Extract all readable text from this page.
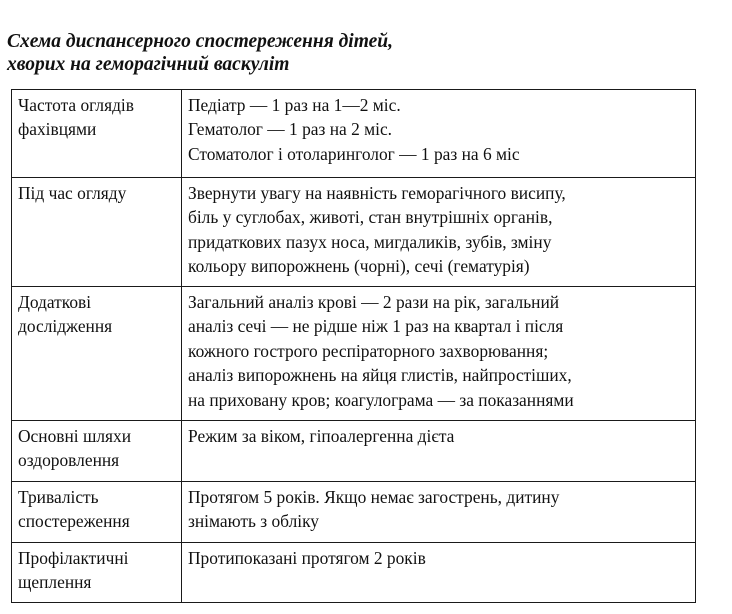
Схема диспансерного спостереження дітей,
хворих на геморагічний васкуліт
Частота оглядів
фахівцями	Педіатр — 1 раз на 1—2 міс.
Гематолог — 1 раз на 2 міс.
Стоматолог і отоларинголог — 1 раз на 6 міс

Під час огляду	Звернути увагу на наявність геморагічного висипу,
біль у суглобах, животі, стан внутрішніх органів,
придаткових пазух носа, мигдаликів, зубів, зміну
кольору випорожнень (чорні), сечі (гематурія)

Додаткові
дослідження	Загальний аналіз крові — 2 рази на рік, загальний
аналіз сечі — не рідше ніж 1 раз на квартал і після
кожного гострого респіраторного захворювання;
аналіз випорожнень на яйця глистів, найпростіших,
на приховану кров; коагулограма — за показаннями

Основні шляхи
оздоровлення	Режим за віком, гіпоалергенна дієта

Тривалість
спостереження	Протягом 5 років. Якщо немає загострень, дитину
знімають з обліку

Профілактичні
щеплення	Протипоказані протягом 2 років
